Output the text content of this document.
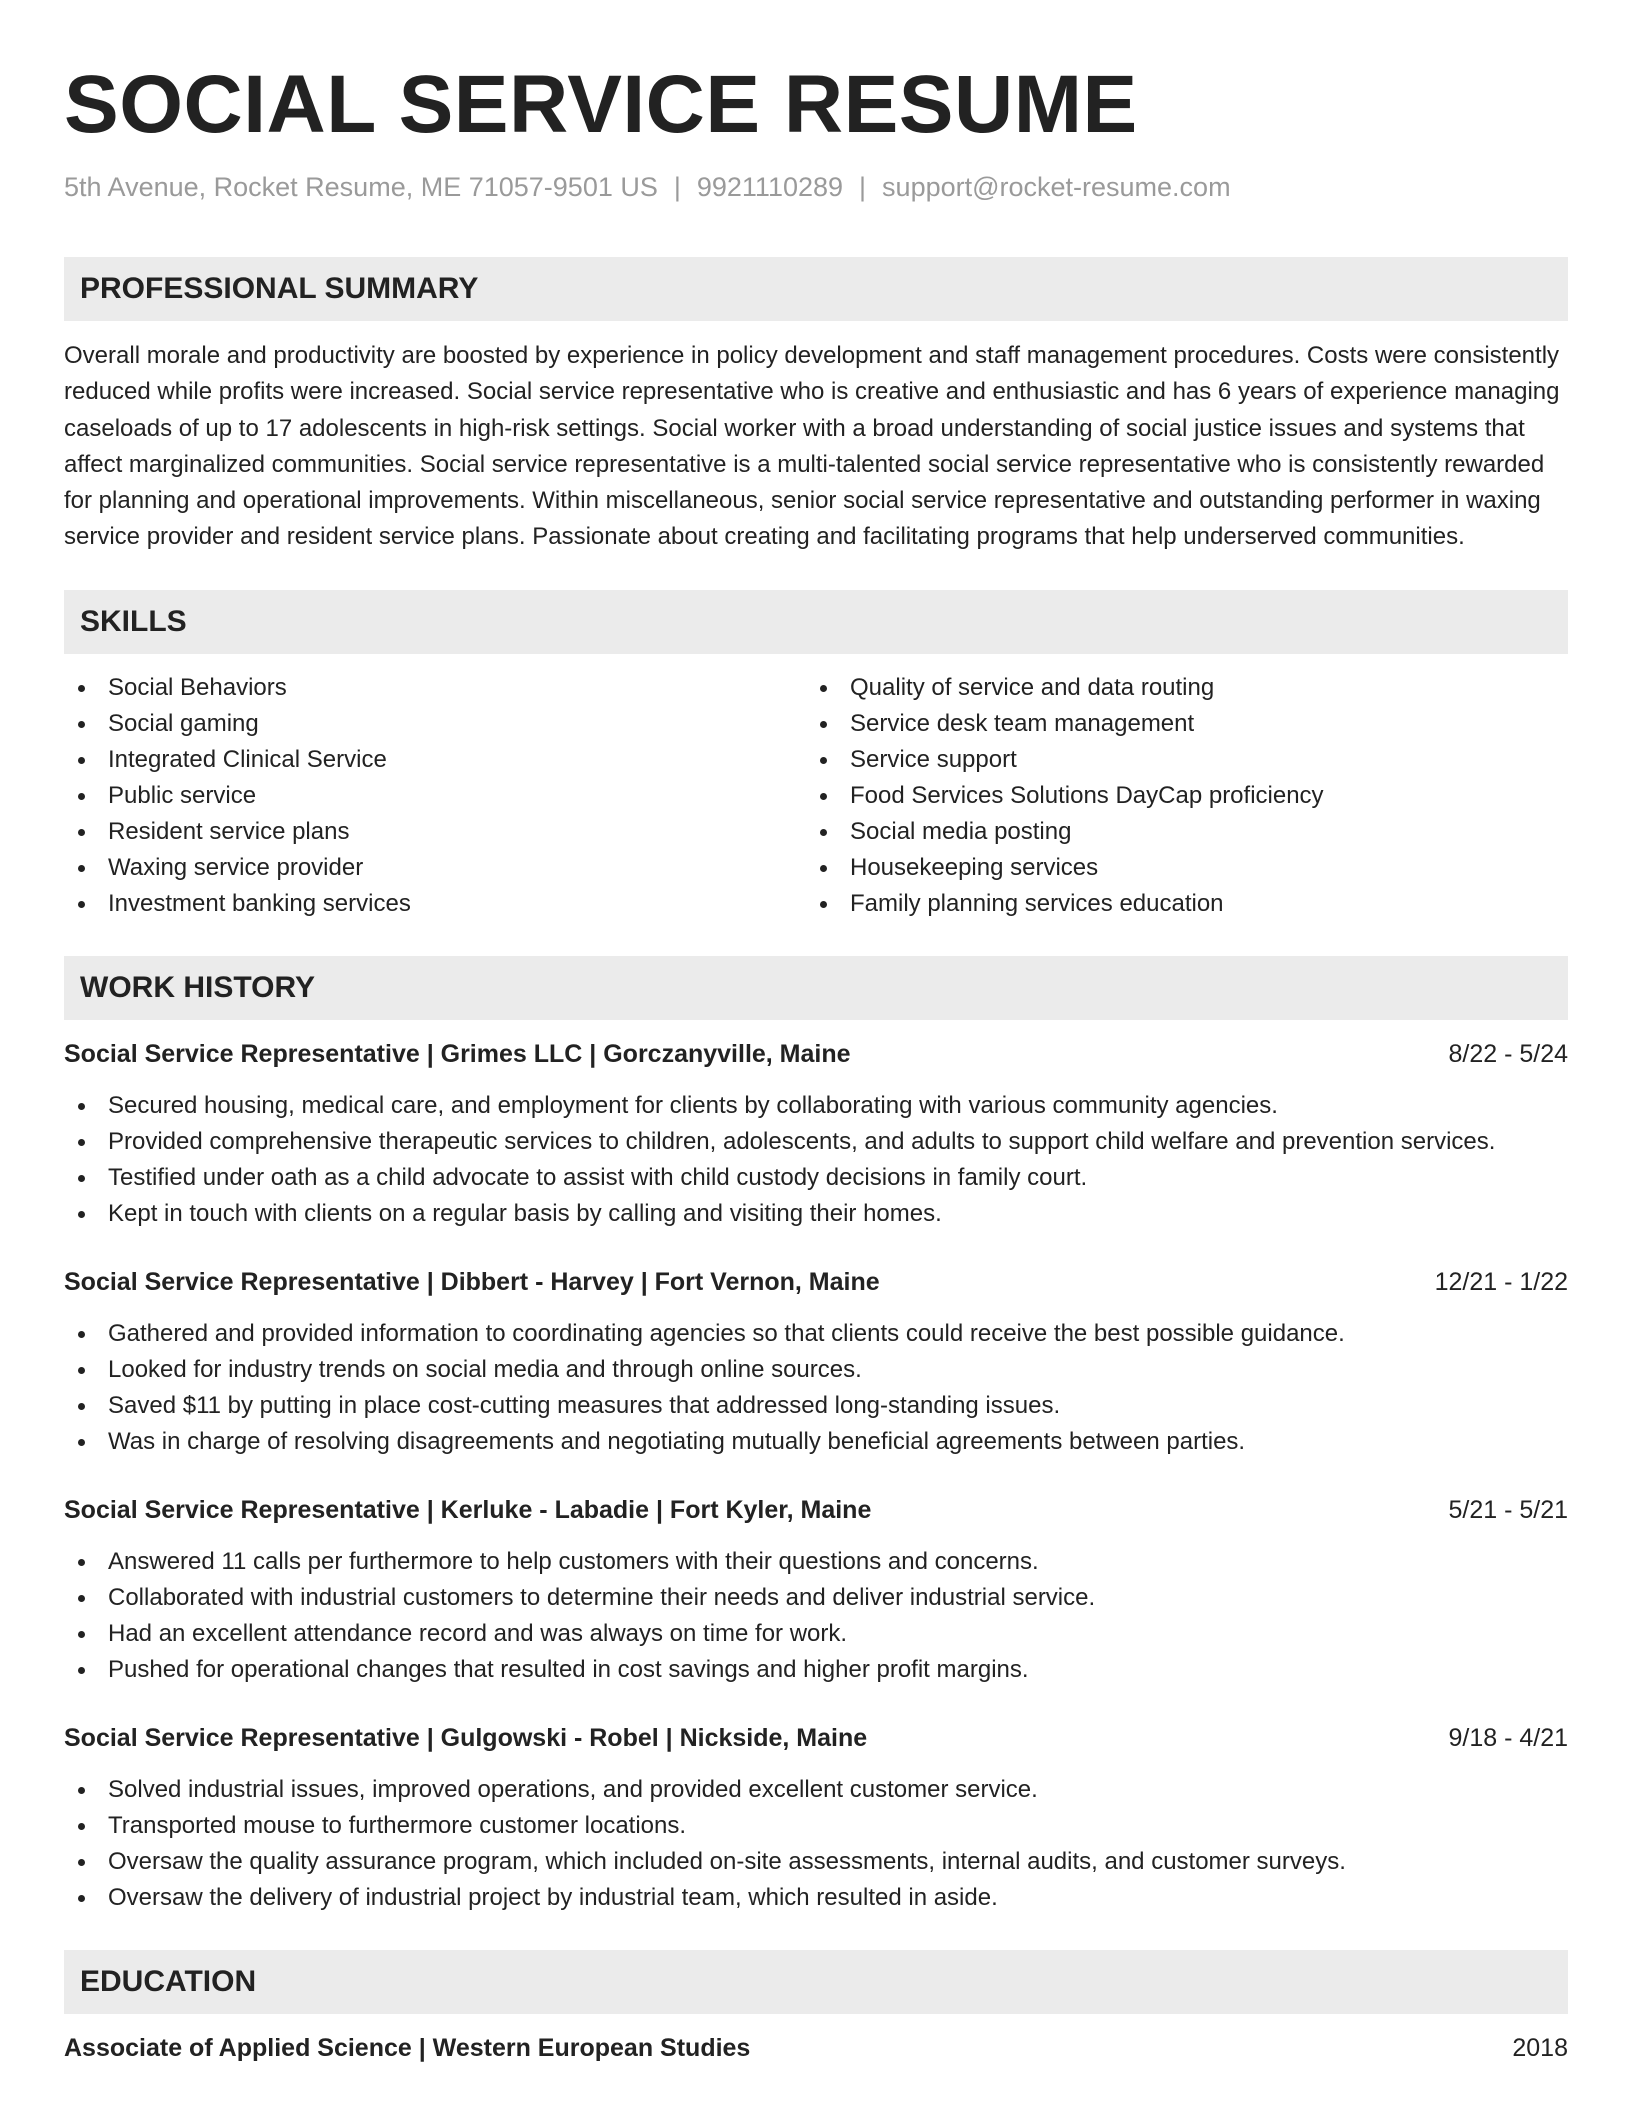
SOCIAL SERVICE RESUME
5th Avenue, Rocket Resume, ME 71057-9501 US | 9921110289 | support@rocket-resume.com
PROFESSIONAL SUMMARY

Overall morale and productivity are boosted by experience in policy development and staff management procedures. Costs were consistently reduced while profits were increased. Social service representative who is creative and enthusiastic and has 6 years of experience managing caseloads of up to 17 adolescents in high-risk settings. Social worker with a broad understanding of social justice issues and systems that affect marginalized communities. Social service representative is a multi-talented social service representative who is consistently rewarded for planning and operational improvements. Within miscellaneous, senior social service representative and outstanding performer in waxing service provider and resident service plans. Passionate about creating and facilitating programs that help underserved communities.

SKILLS
Social Behaviors
Social gaming
Integrated Clinical Service
Public service
Resident service plans
Waxing service provider
Investment banking services
Quality of service and data routing
Service desk team management
Service support
Food Services Solutions DayCap proficiency
Social media posting
Housekeeping services
Family planning services education
WORK HISTORY
Social Service Representative | Grimes LLC | Gorczanyville, Maine	8/22 - 5/24
Secured housing, medical care, and employment for clients by collaborating with various community agencies.
Provided comprehensive therapeutic services to children, adolescents, and adults to support child welfare and prevention services.
Testified under oath as a child advocate to assist with child custody decisions in family court.
Kept in touch with clients on a regular basis by calling and visiting their homes.
Social Service Representative | Dibbert - Harvey | Fort Vernon, Maine	12/21 - 1/22
Gathered and provided information to coordinating agencies so that clients could receive the best possible guidance.
Looked for industry trends on social media and through online sources.
Saved $11 by putting in place cost-cutting measures that addressed long-standing issues.
Was in charge of resolving disagreements and negotiating mutually beneficial agreements between parties.
Social Service Representative | Kerluke - Labadie | Fort Kyler, Maine	5/21 - 5/21
Answered 11 calls per furthermore to help customers with their questions and concerns.
Collaborated with industrial customers to determine their needs and deliver industrial service.
Had an excellent attendance record and was always on time for work.
Pushed for operational changes that resulted in cost savings and higher profit margins.
Social Service Representative | Gulgowski - Robel | Nickside, Maine	9/18 - 4/21
Solved industrial issues, improved operations, and provided excellent customer service.
Transported mouse to furthermore customer locations.
Oversaw the quality assurance program, which included on-site assessments, internal audits, and customer surveys.
Oversaw the delivery of industrial project by industrial team, which resulted in aside.
EDUCATION
Associate of Applied Science | Western European Studies	2018
